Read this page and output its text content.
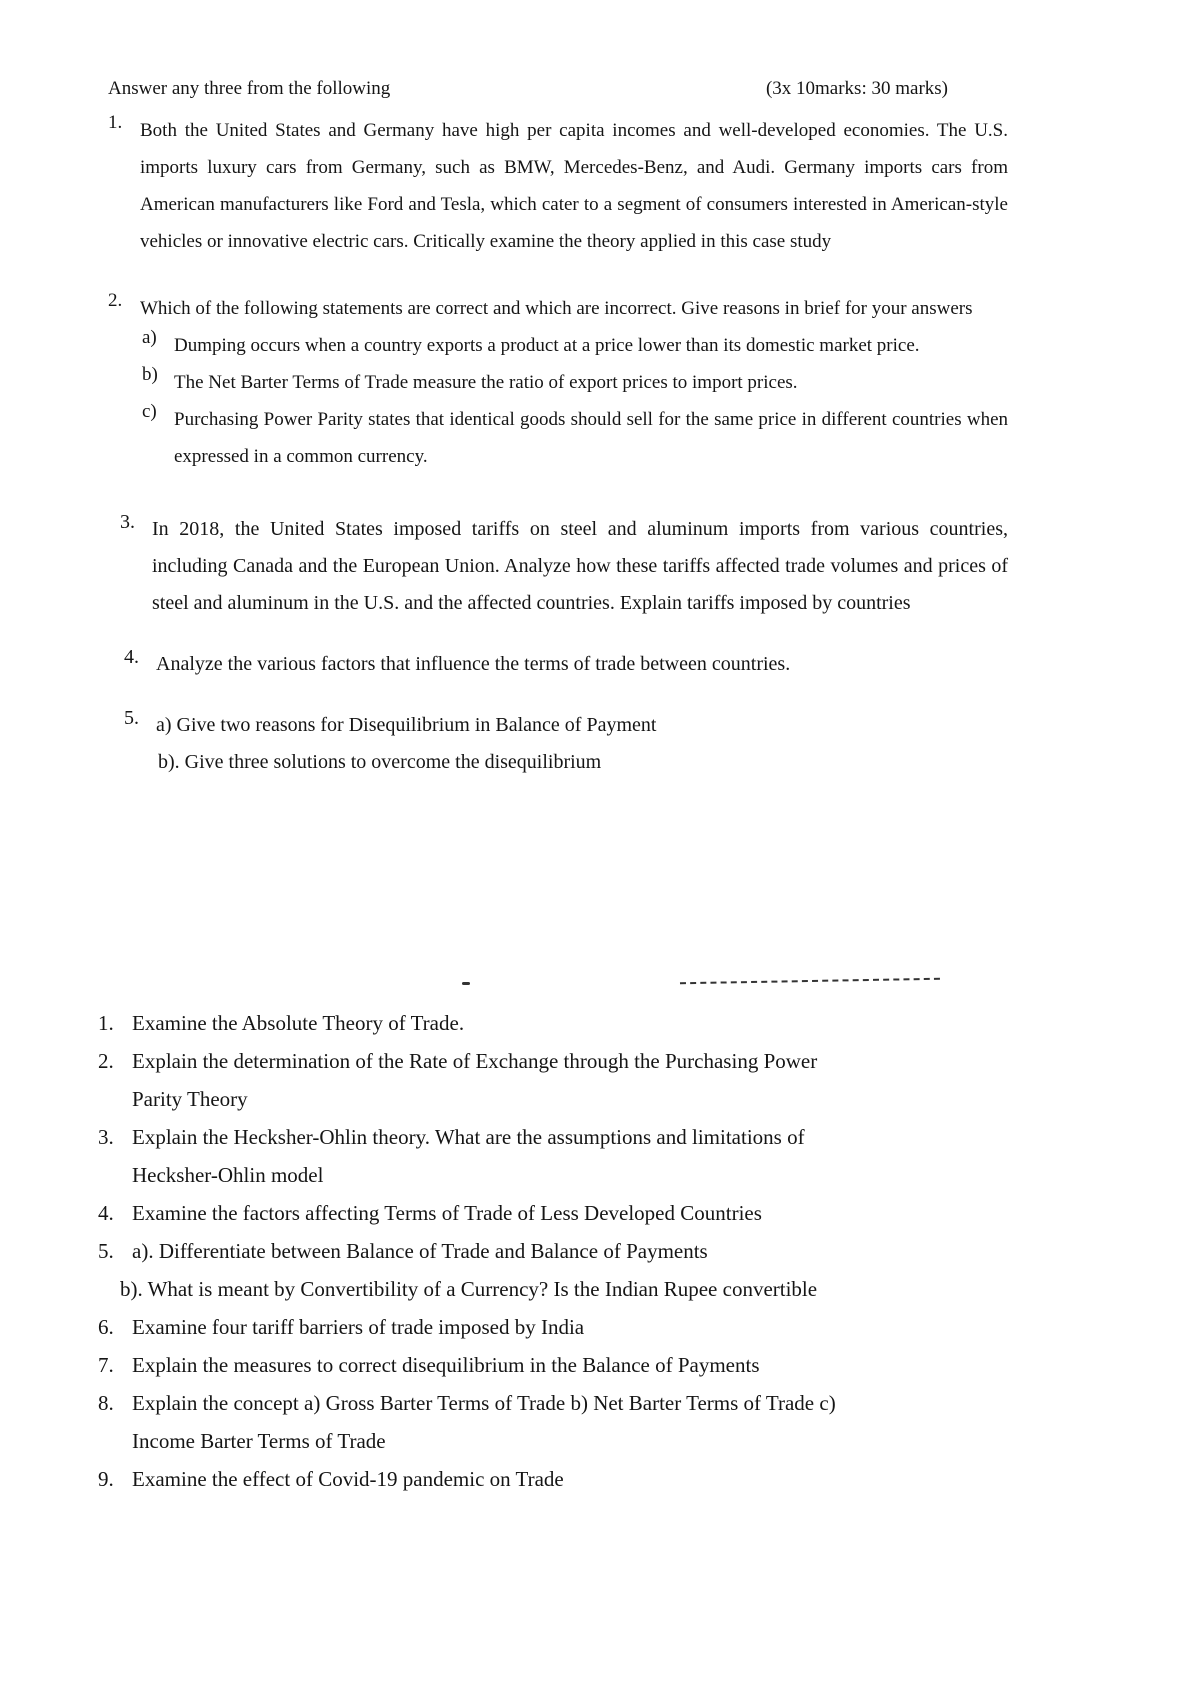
Answer any three from the following	(3x 10marks: 30 marks)
1. Both the United States and Germany have high per capita incomes and well-developed economies. The U.S. imports luxury cars from Germany, such as BMW, Mercedes-Benz, and Audi. Germany imports cars from American manufacturers like Ford and Tesla, which cater to a segment of consumers interested in American-style vehicles or innovative electric cars. Critically examine the theory applied in this case study
2. Which of the following statements are correct and which are incorrect. Give reasons in brief for your answers
a) Dumping occurs when a country exports a product at a price lower than its domestic market price.
b) The Net Barter Terms of Trade measure the ratio of export prices to import prices.
c) Purchasing Power Parity states that identical goods should sell for the same price in different countries when expressed in a common currency.
3. In 2018, the United States imposed tariffs on steel and aluminum imports from various countries, including Canada and the European Union. Analyze how these tariffs affected trade volumes and prices of steel and aluminum in the U.S. and the affected countries. Explain tariffs imposed by countries
4. Analyze the various factors that influence the terms of trade between countries.
5. a) Give two reasons for Disequilibrium in Balance of Payment
b). Give three solutions to overcome the disequilibrium
1. Examine the Absolute Theory of Trade.
2. Explain the determination of the Rate of Exchange through the Purchasing Power
Parity Theory
3. Explain the Hecksher-Ohlin theory. What are the assumptions and limitations of
Hecksher-Ohlin model
4. Examine the factors affecting Terms of Trade of Less Developed Countries
5. a). Differentiate between Balance of Trade and Balance of Payments
b). What is meant by Convertibility of a Currency? Is the Indian Rupee convertible
6. Examine four tariff barriers of trade imposed by India
7. Explain the measures to correct disequilibrium in the Balance of Payments
8. Explain the concept a) Gross Barter Terms of Trade b) Net Barter Terms of Trade c)
Income Barter Terms of Trade
9. Examine the effect of Covid-19 pandemic on Trade
